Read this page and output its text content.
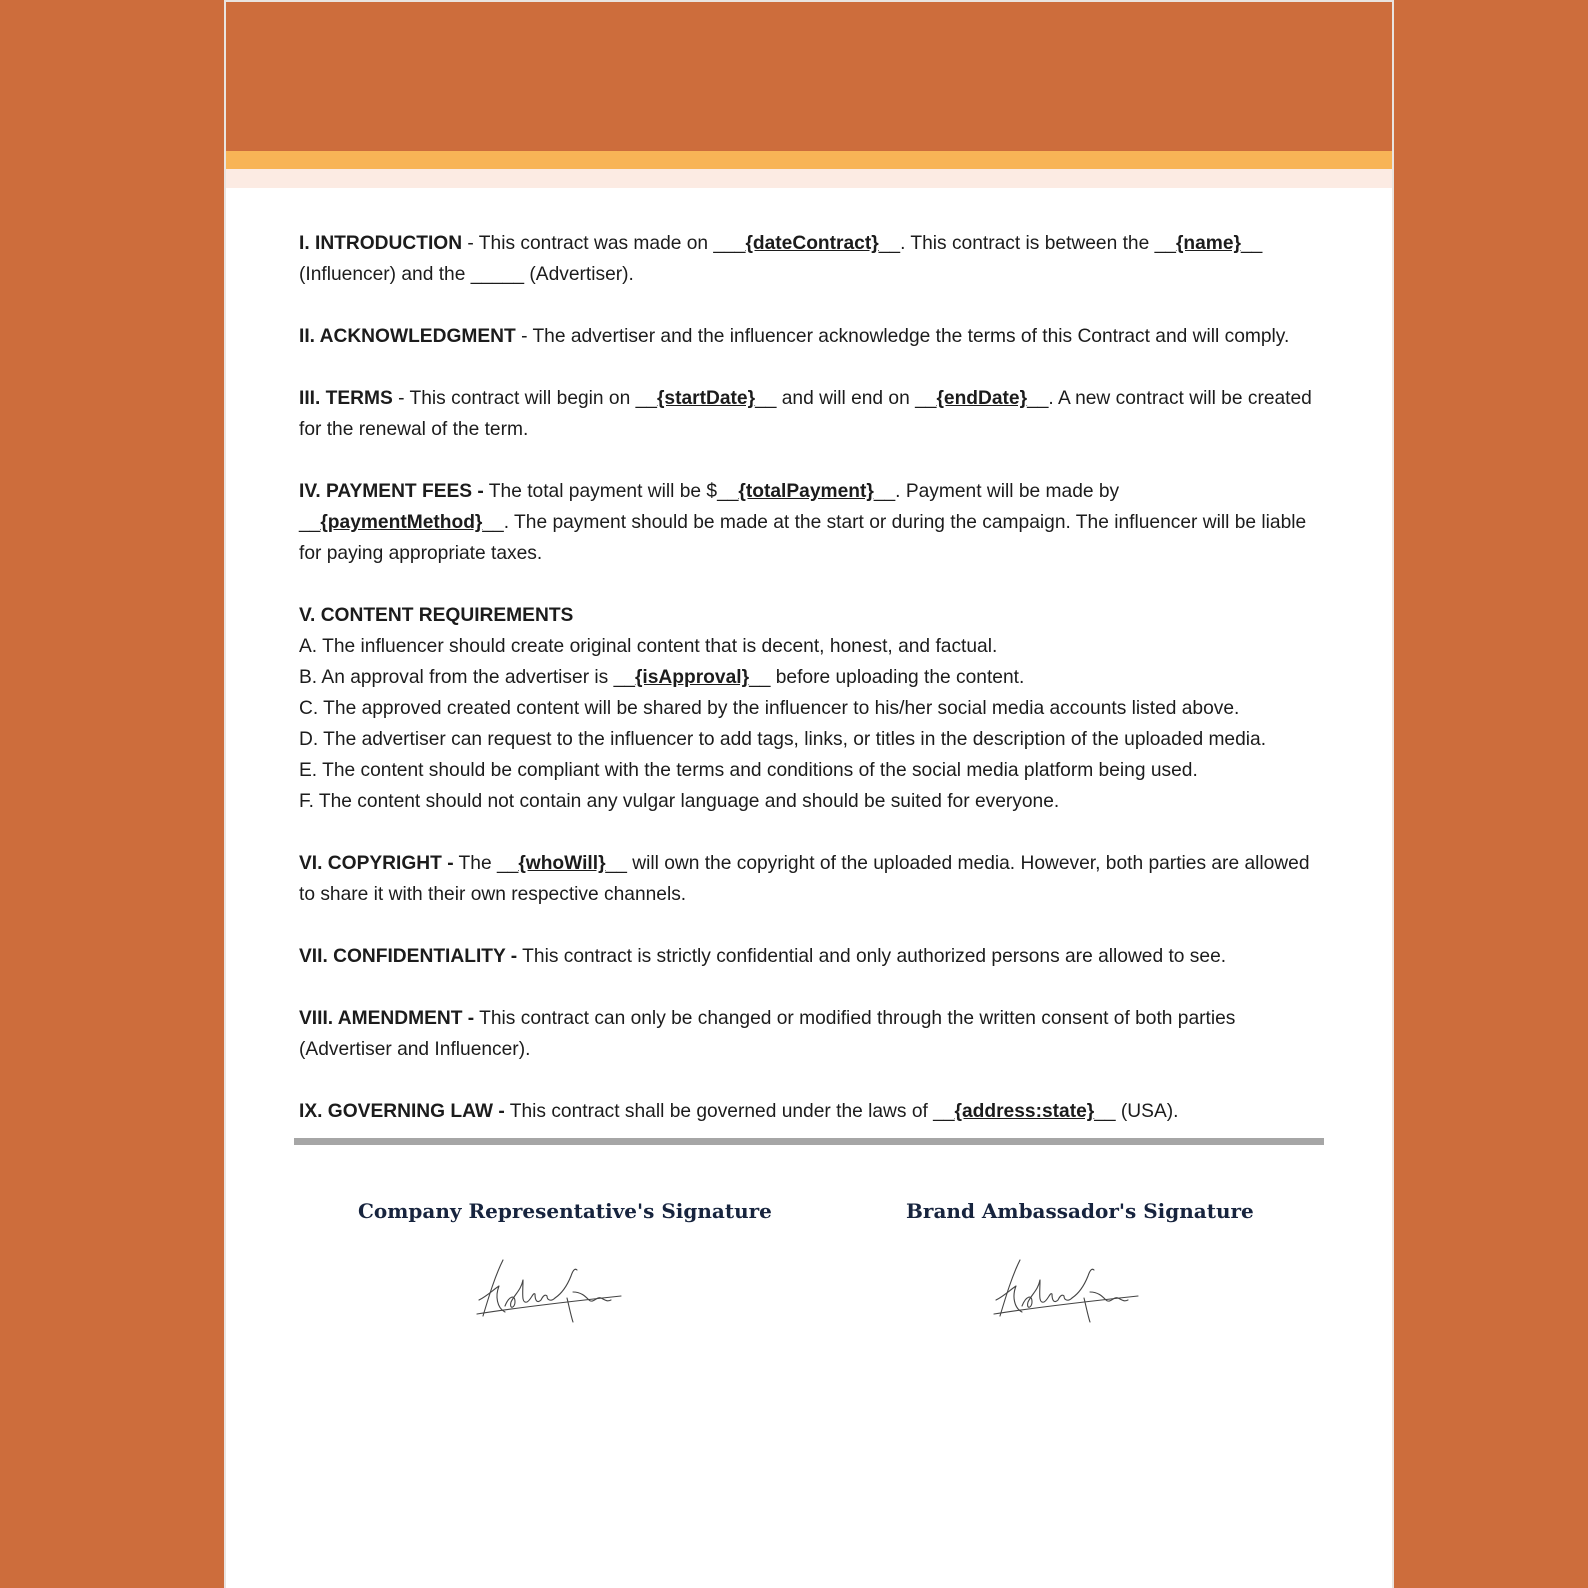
I. INTRODUCTION - This contract was made on ___{dateContract}__. This contract is between the __{name}__ (Influencer) and the _____ (Advertiser).

II. ACKNOWLEDGMENT - The advertiser and the influencer acknowledge the terms of this Contract and will comply.

III. TERMS - This contract will begin on __{startDate}__ and will end on __{endDate}__. A new contract will be created for the renewal of the term.

IV. PAYMENT FEES - The total payment will be $__{totalPayment}__. Payment will be made by __{paymentMethod}__. The payment should be made at the start or during the campaign. The influencer will be liable for paying appropriate taxes.

V. CONTENT REQUIREMENTS

A. The influencer should create original content that is decent, honest, and factual.

B. An approval from the advertiser is __{isApproval}__ before uploading the content.

C. The approved created content will be shared by the influencer to his/her social media accounts listed above.

D. The advertiser can request to the influencer to add tags, links, or titles in the description of the uploaded media.

E. The content should be compliant with the terms and conditions of the social media platform being used.

F. The content should not contain any vulgar language and should be suited for everyone.

VI. COPYRIGHT - The __{whoWill}__ will own the copyright of the uploaded media. However, both parties are allowed to share it with their own respective channels.

VII. CONFIDENTIALITY - This contract is strictly confidential and only authorized persons are allowed to see.

VIII. AMENDMENT - This contract can only be changed or modified through the written consent of both parties (Advertiser and Influencer).

IX. GOVERNING LAW - This contract shall be governed under the laws of __{address:state}__ (USA).

Company Representative's Signature	Brand Ambassador's Signature
